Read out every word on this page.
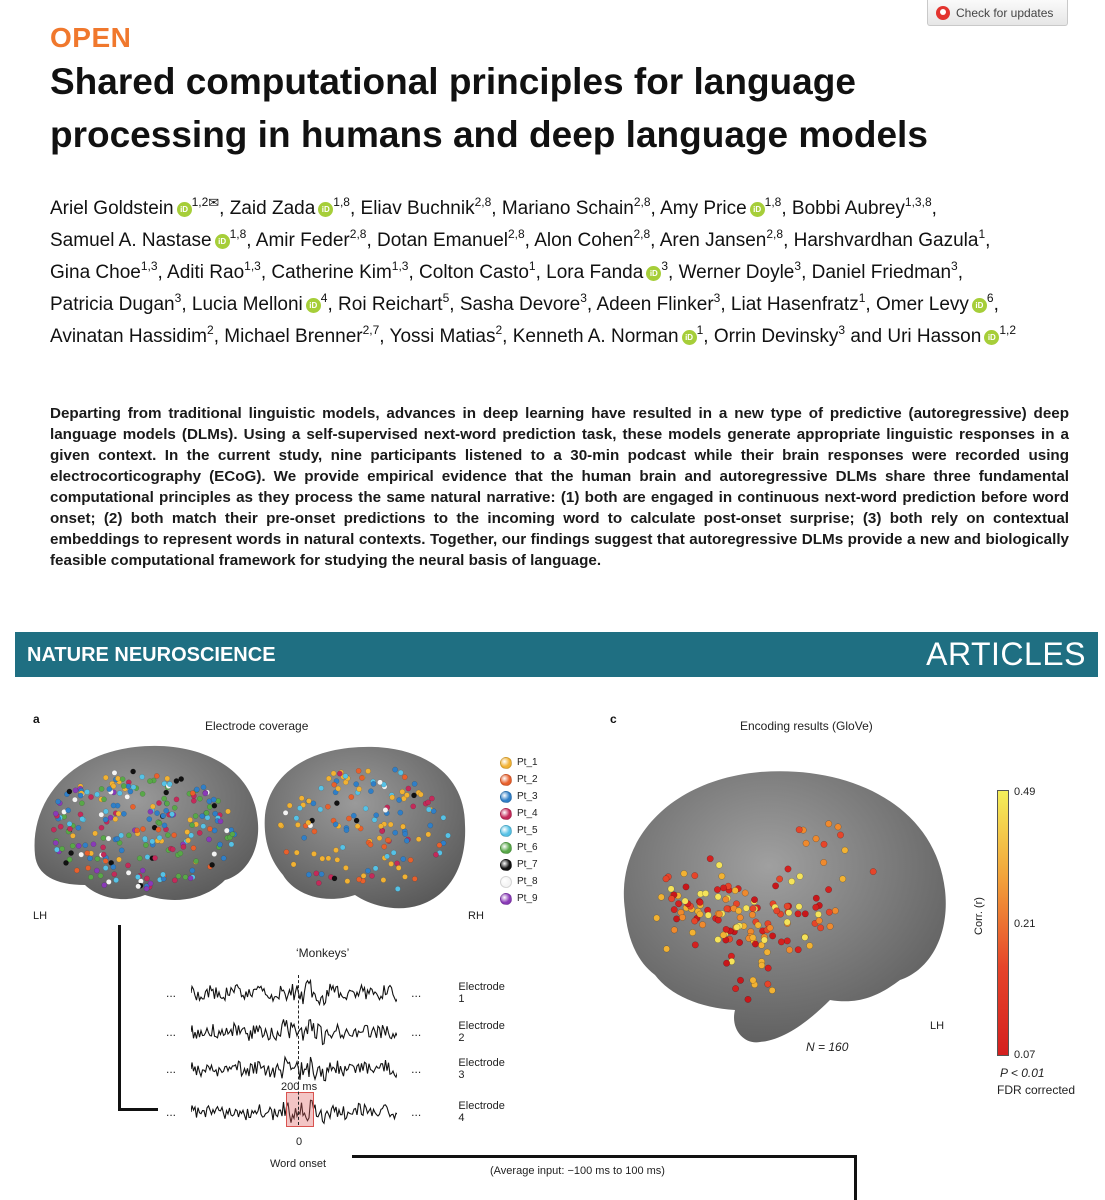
OPEN
Check for updates
Shared computational principles for language processing in humans and deep language models
Ariel Goldstein iD$^{1,2✉}$, Zaid Zada iD$^{1,8}$, Eliav Buchnik$^{2,8}$, Mariano Schain$^{2,8}$, Amy Price iD$^{1,8}$, Bobbi Aubrey$^{1,3,8}$, Samuel A. Nastase iD$^{1,8}$, Amir Feder$^{2,8}$, Dotan Emanuel$^{2,8}$, Alon Cohen$^{2,8}$, Aren Jansen$^{2,8}$, Harshvardhan Gazula$^1$, Gina Choe$^{1,3}$, Aditi Rao$^{1,3}$, Catherine Kim$^{1,3}$, Colton Casto$^1$, Lora Fanda iD$^3$, Werner Doyle$^3$, Daniel Friedman$^3$, Patricia Dugan$^3$, Lucia Melloni iD$^4$, Roi Reichart$^5$, Sasha Devore$^3$, Adeen Flinker$^3$, Liat Hasenfratz$^1$, Omer Levy iD$^6$, Avinatan Hassidim$^2$, Michael Brenner$^{2,7}$, Yossi Matias$^2$, Kenneth A. Norman iD$^1$, Orrin Devinsky$^3$ and Uri Hasson iD$^{1,2}$

Departing from traditional linguistic models, advances in deep learning have resulted in a new type of predictive (autoregressive) deep language models (DLMs). Using a self-supervised next-word prediction task, these models generate appropriate linguistic responses in a given context. In the current study, nine participants listened to a 30-min podcast while their brain responses were recorded using electrocorticography (ECoG). We provide empirical evidence that the human brain and autoregressive DLMs share three fundamental computational principles as they process the same natural narrative: (1) both are engaged in continuous next-word prediction before word onset; (2) both match their pre-onset predictions to the incoming word to calculate post-onset surprise; (3) both rely on contextual embeddings to represent words in natural contexts. Together, our findings suggest that autoregressive DLMs provide a new and biologically feasible computational framework for studying the neural basis of language.

NATURE NEUROSCIENCE	ARTICLES
a	Electrode coverage
LH	RH
Pt_1
Pt_2
Pt_3
Pt_4
Pt_5
Pt_6
Pt_7
Pt_8
Pt_9
‘Monkeys’
...	...	Electrode 1
...	...	Electrode 2
...	...	Electrode 3
...	...	Electrode 4
200 ms
0
Word onset
(Average input: −100 ms to 100 ms)
c	Encoding results (GloVe)
N = 160
LH
0.49
0.21
0.07
Corr. (r)
P < 0.01
FDR corrected
